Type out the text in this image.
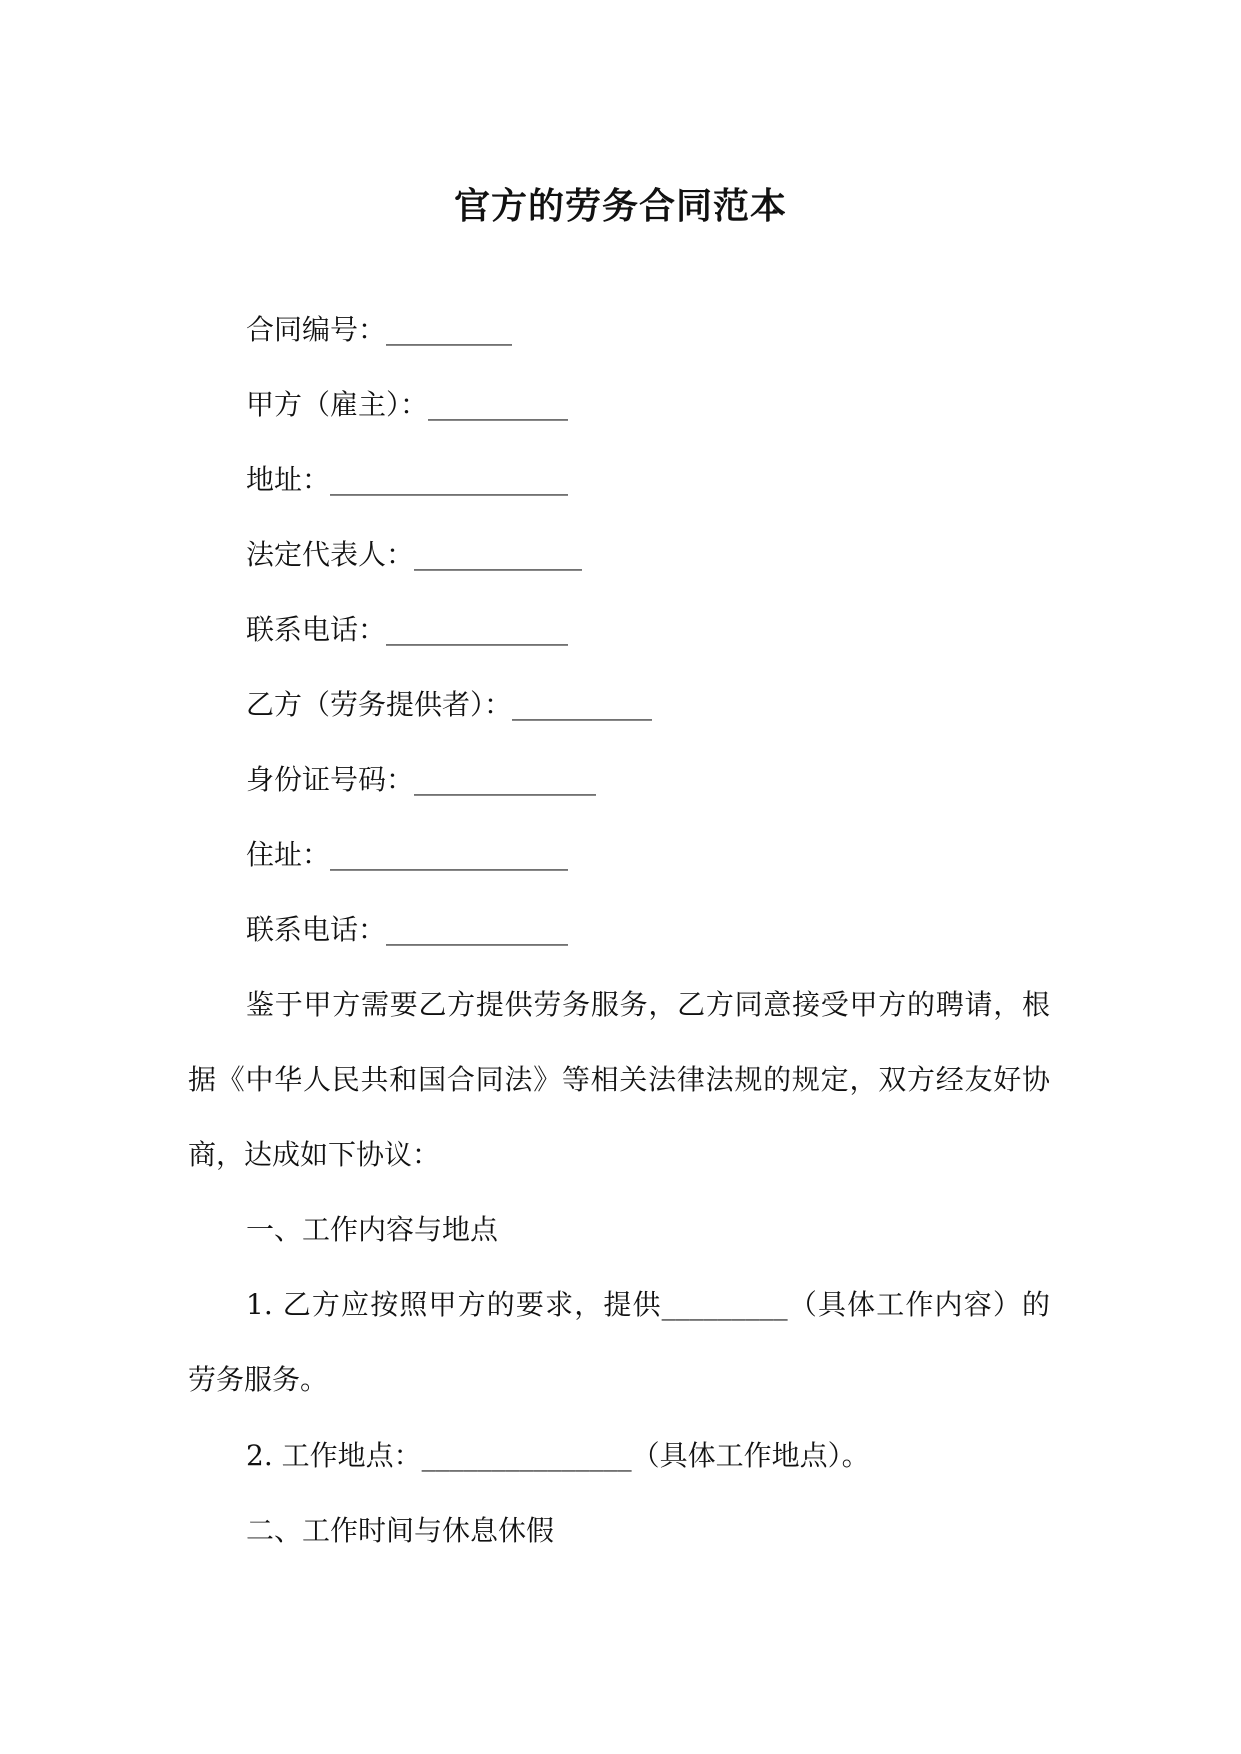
官方的劳务合同范本

合同编号：_________

甲方（雇主）：__________

地址：_________________

法定代表人：____________

联系电话：_____________

乙方（劳务提供者）：__________

身份证号码：_____________

住址：_________________

联系电话：_____________

鉴于甲方需要乙方提供劳务服务，乙方同意接受甲方的聘请，根据《中华人民共和国合同法》等相关法律法规的规定，双方经友好协商，达成如下协议：

一、工作内容与地点

1. 乙方应按照甲方的要求，提供_________（具体工作内容）的劳务服务。

2. 工作地点：_______________（具体工作地点）。

二、工作时间与休息休假
